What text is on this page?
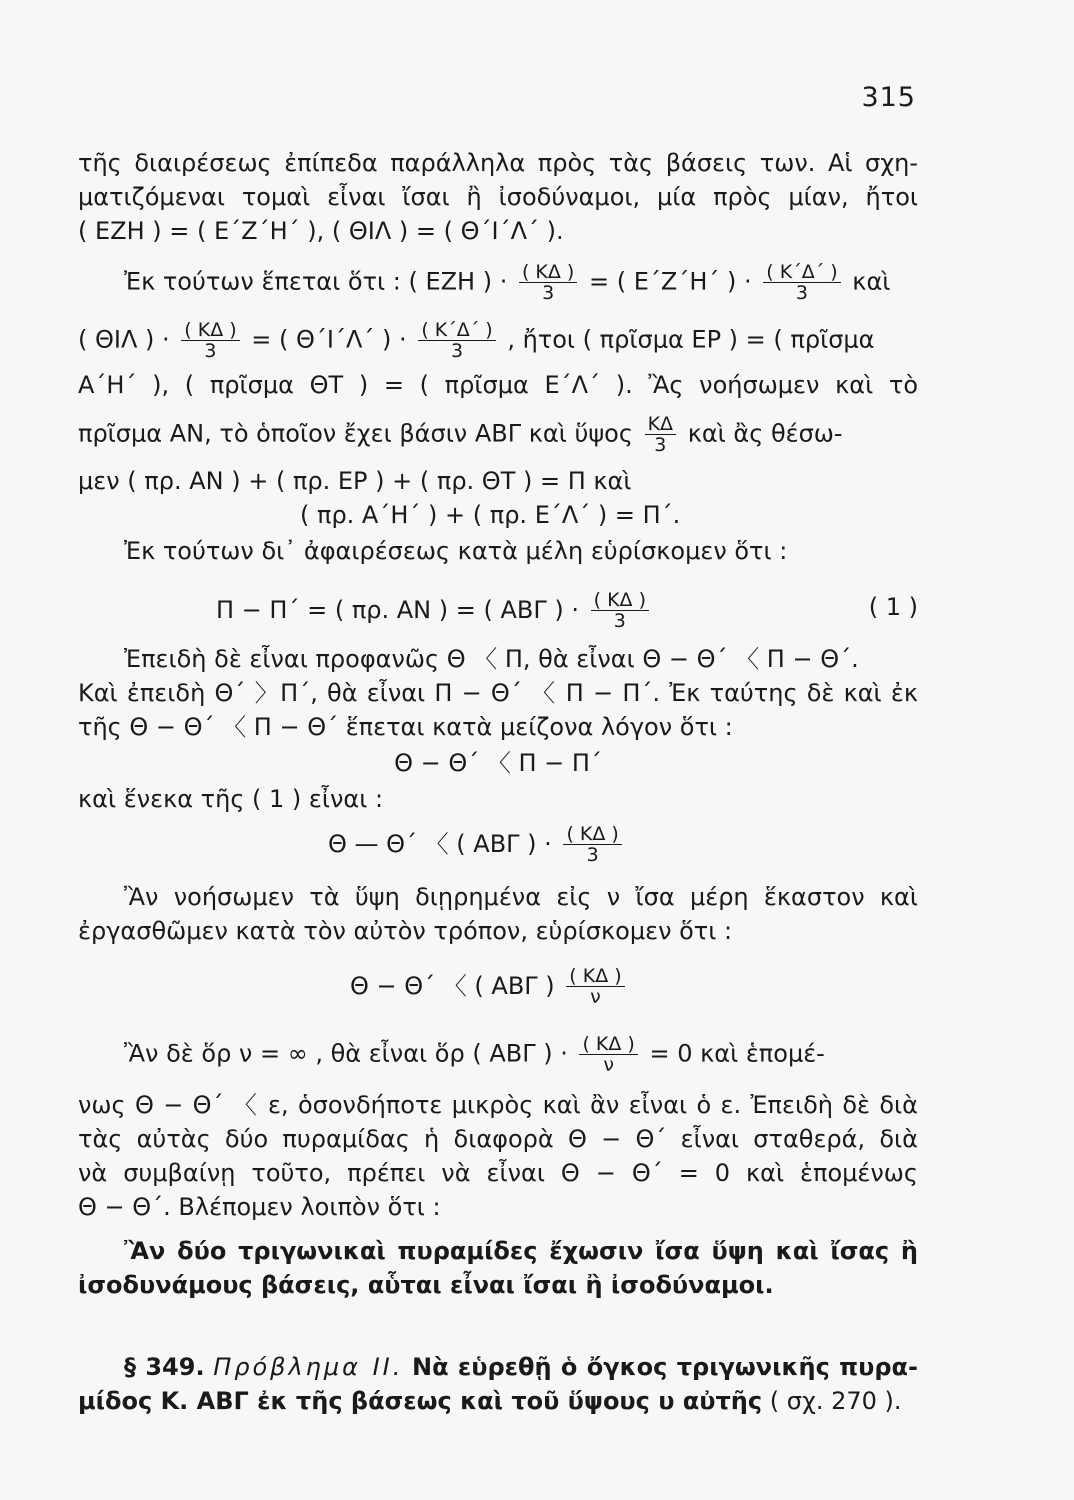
315
τῆς διαιρέσεως ἐπίπεδα παράλληλα πρὸς τὰς βάσεις των. Αἱ σχη-
ματιζόμεναι τομαὶ εἶναι ἴσαι ἢ ἰσοδύναμοι, μία πρὸς μίαν, ἤτοι
( ΕΖΗ ) = ( Ε΄Ζ΄Η΄ ), ( ΘΙΛ ) = ( Θ΄Ι΄Λ΄ ).
Ἐκ τούτων ἕπεται ὅτι : ( ΕΖΗ ) · $\frac{( K\Delta )}{3}$ = ( Ε΄Ζ΄Η΄ ) · $\frac{( K΄\Delta΄ )}{3}$ καὶ
( ΘΙΛ ) · $\frac{( K\Delta )}{3}$ = ( Θ΄Ι΄Λ΄ ) · $\frac{( K΄\Delta΄ )}{3}$ , ἤτοι ( πρῖσμα ΕΡ ) = ( πρῖσμα
Α΄Η΄ ), ( πρῖσμα ΘΤ ) = ( πρῖσμα Ε΄Λ΄ ). Ἂς νοήσωμεν καὶ τὸ
πρῖσμα ΑΝ, τὸ ὁποῖον ἔχει βάσιν ΑΒΓ καὶ ὕψος $\frac{K\Delta}{3}$ καὶ ἂς θέσω-
μεν ( πρ. ΑΝ ) + ( πρ. ΕΡ ) + ( πρ. ΘΤ ) = Π καὶ
( πρ. Α΄Η΄ ) + ( πρ. Ε΄Λ΄ ) = Π΄.
Ἐκ τούτων δι᾿ ἀφαιρέσεως κατὰ μέλη εὑρίσκομεν ὅτι :
Π − Π΄ = ( πρ. ΑΝ ) = ( ΑΒΓ ) · $\frac{( K\Delta )}{3}$	( 1 )
Ἐπειδὴ δὲ εἶναι προφανῶς Θ 〈 Π, θὰ εἶναι Θ − Θ΄ 〈 Π − Θ΄.
Καὶ ἐπειδὴ Θ΄ 〉Π΄, θὰ εἶναι Π − Θ΄ 〈 Π − Π΄. Ἐκ ταύτης δὲ καὶ ἐκ
τῆς Θ − Θ΄ 〈 Π − Θ΄ ἕπεται κατὰ μείζονα λόγον ὅτι :
Θ − Θ΄ 〈 Π − Π΄
καὶ ἕνεκα τῆς ( 1 ) εἶναι :
Θ — Θ΄ 〈 ( ΑΒΓ ) · $\frac{( K\Delta )}{3}$
Ἂν νοήσωμεν τὰ ὕψη διῃρημένα εἰς ν ἴσα μέρη ἕκαστον καὶ
ἐργασθῶμεν κατὰ τὸν αὐτὸν τρόπον, εὑρίσκομεν ὅτι :
Θ − Θ΄ 〈 ( ΑΒΓ ) $\frac{( K\Delta )}{\nu}$
Ἂν δὲ ὅρ ν = ∞ , θὰ εἶναι ὅρ ( ΑΒΓ ) · $\frac{( K\Delta )}{\nu} = 0$ καὶ ἑπομέ-
νως Θ − Θ΄ 〈 ε, ὁσονδήποτε μικρὸς καὶ ἂν εἶναι ὁ ε. Ἐπειδὴ δὲ διὰ
τὰς αὐτὰς δύο πυραμίδας ἡ διαφορὰ Θ − Θ΄ εἶναι σταθερά, διὰ
νὰ συμβαίνῃ τοῦτο, πρέπει νὰ εἶναι Θ − Θ΄ = 0 καὶ ἑπομένως
Θ − Θ΄. Βλέπομεν λοιπὸν ὅτι :
Ἂν δύο τριγωνικαὶ πυραμίδες ἔχωσιν ἴσα ὕψη καὶ ἴσας ἢ
ἰσοδυνάμους βάσεις, αὗται εἶναι ἴσαι ἢ ἰσοδύναμοι.
§ 349. Πρόβλημα ΙΙ. Νὰ εὑρεθῇ ὁ ὄγκος τριγωνικῆς πυρα-
μίδος Κ. ΑΒΓ ἐκ τῆς βάσεως καὶ τοῦ ὕψους υ αὐτῆς ( σχ. 270 ).
